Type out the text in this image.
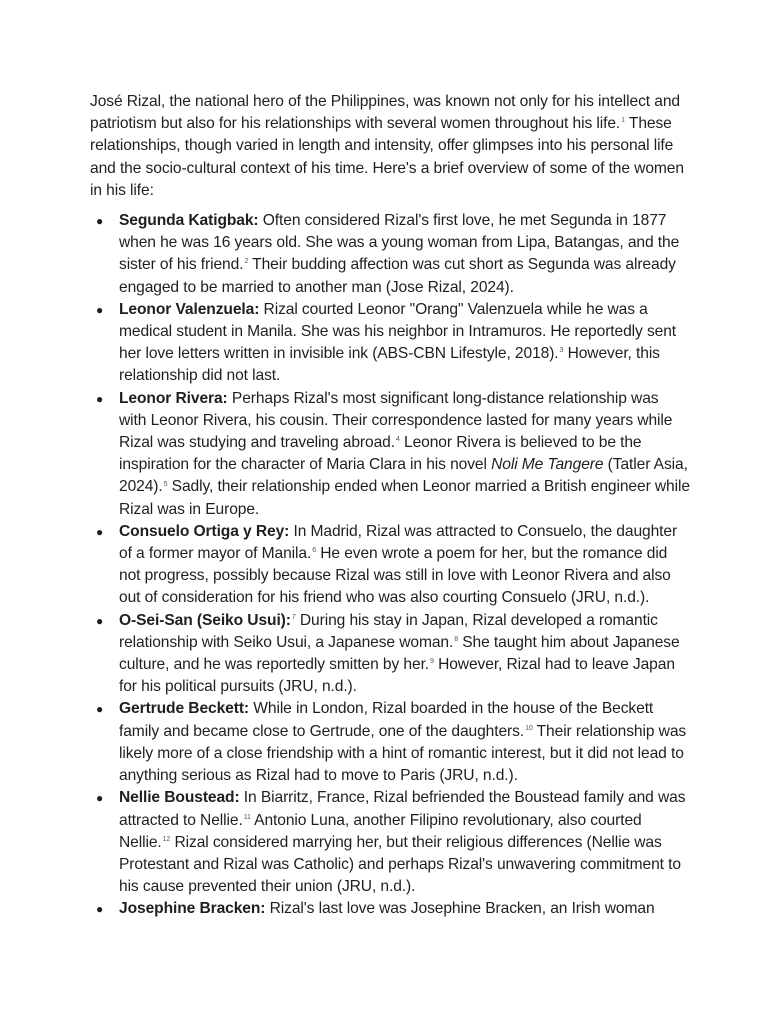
José Rizal, the national hero of the Philippines, was known not only for his intellect and patriotism but also for his relationships with several women throughout his life.$^1$ These relationships, though varied in length and intensity, offer glimpses into his personal life and the socio-cultural context of his time. Here's a brief overview of some of the women in his life:

● Segunda Katigbak: Often considered Rizal's first love, he met Segunda in 1877 when he was 16 years old. She was a young woman from Lipa, Batangas, and the sister of his friend.$^2$ Their budding affection was cut short as Segunda was already engaged to be married to another man (Jose Rizal, 2024).
● Leonor Valenzuela: Rizal courted Leonor "Orang" Valenzuela while he was a medical student in Manila. She was his neighbor in Intramuros. He reportedly sent her love letters written in invisible ink (ABS-CBN Lifestyle, 2018).$^3$ However, this relationship did not last.
● Leonor Rivera: Perhaps Rizal's most significant long-distance relationship was with Leonor Rivera, his cousin. Their correspondence lasted for many years while Rizal was studying and traveling abroad.$^4$ Leonor Rivera is believed to be the inspiration for the character of Maria Clara in his novel Noli Me Tangere (Tatler Asia, 2024).$^5$ Sadly, their relationship ended when Leonor married a British engineer while Rizal was in Europe.
● Consuelo Ortiga y Rey: In Madrid, Rizal was attracted to Consuelo, the daughter of a former mayor of Manila.$^6$ He even wrote a poem for her, but the romance did not progress, possibly because Rizal was still in love with Leonor Rivera and also out of consideration for his friend who was also courting Consuelo (JRU, n.d.).
● O-Sei-San (Seiko Usui):$^7$ During his stay in Japan, Rizal developed a romantic relationship with Seiko Usui, a Japanese woman.$^8$ She taught him about Japanese culture, and he was reportedly smitten by her.$^9$ However, Rizal had to leave Japan for his political pursuits (JRU, n.d.).
● Gertrude Beckett: While in London, Rizal boarded in the house of the Beckett family and became close to Gertrude, one of the daughters.$^{10}$ Their relationship was likely more of a close friendship with a hint of romantic interest, but it did not lead to anything serious as Rizal had to move to Paris (JRU, n.d.).
● Nellie Boustead: In Biarritz, France, Rizal befriended the Boustead family and was attracted to Nellie.$^{11}$ Antonio Luna, another Filipino revolutionary, also courted Nellie.$^{12}$ Rizal considered marrying her, but their religious differences (Nellie was Protestant and Rizal was Catholic) and perhaps Rizal's unwavering commitment to his cause prevented their union (JRU, n.d.).
● Josephine Bracken: Rizal's last love was Josephine Bracken, an Irish woman
